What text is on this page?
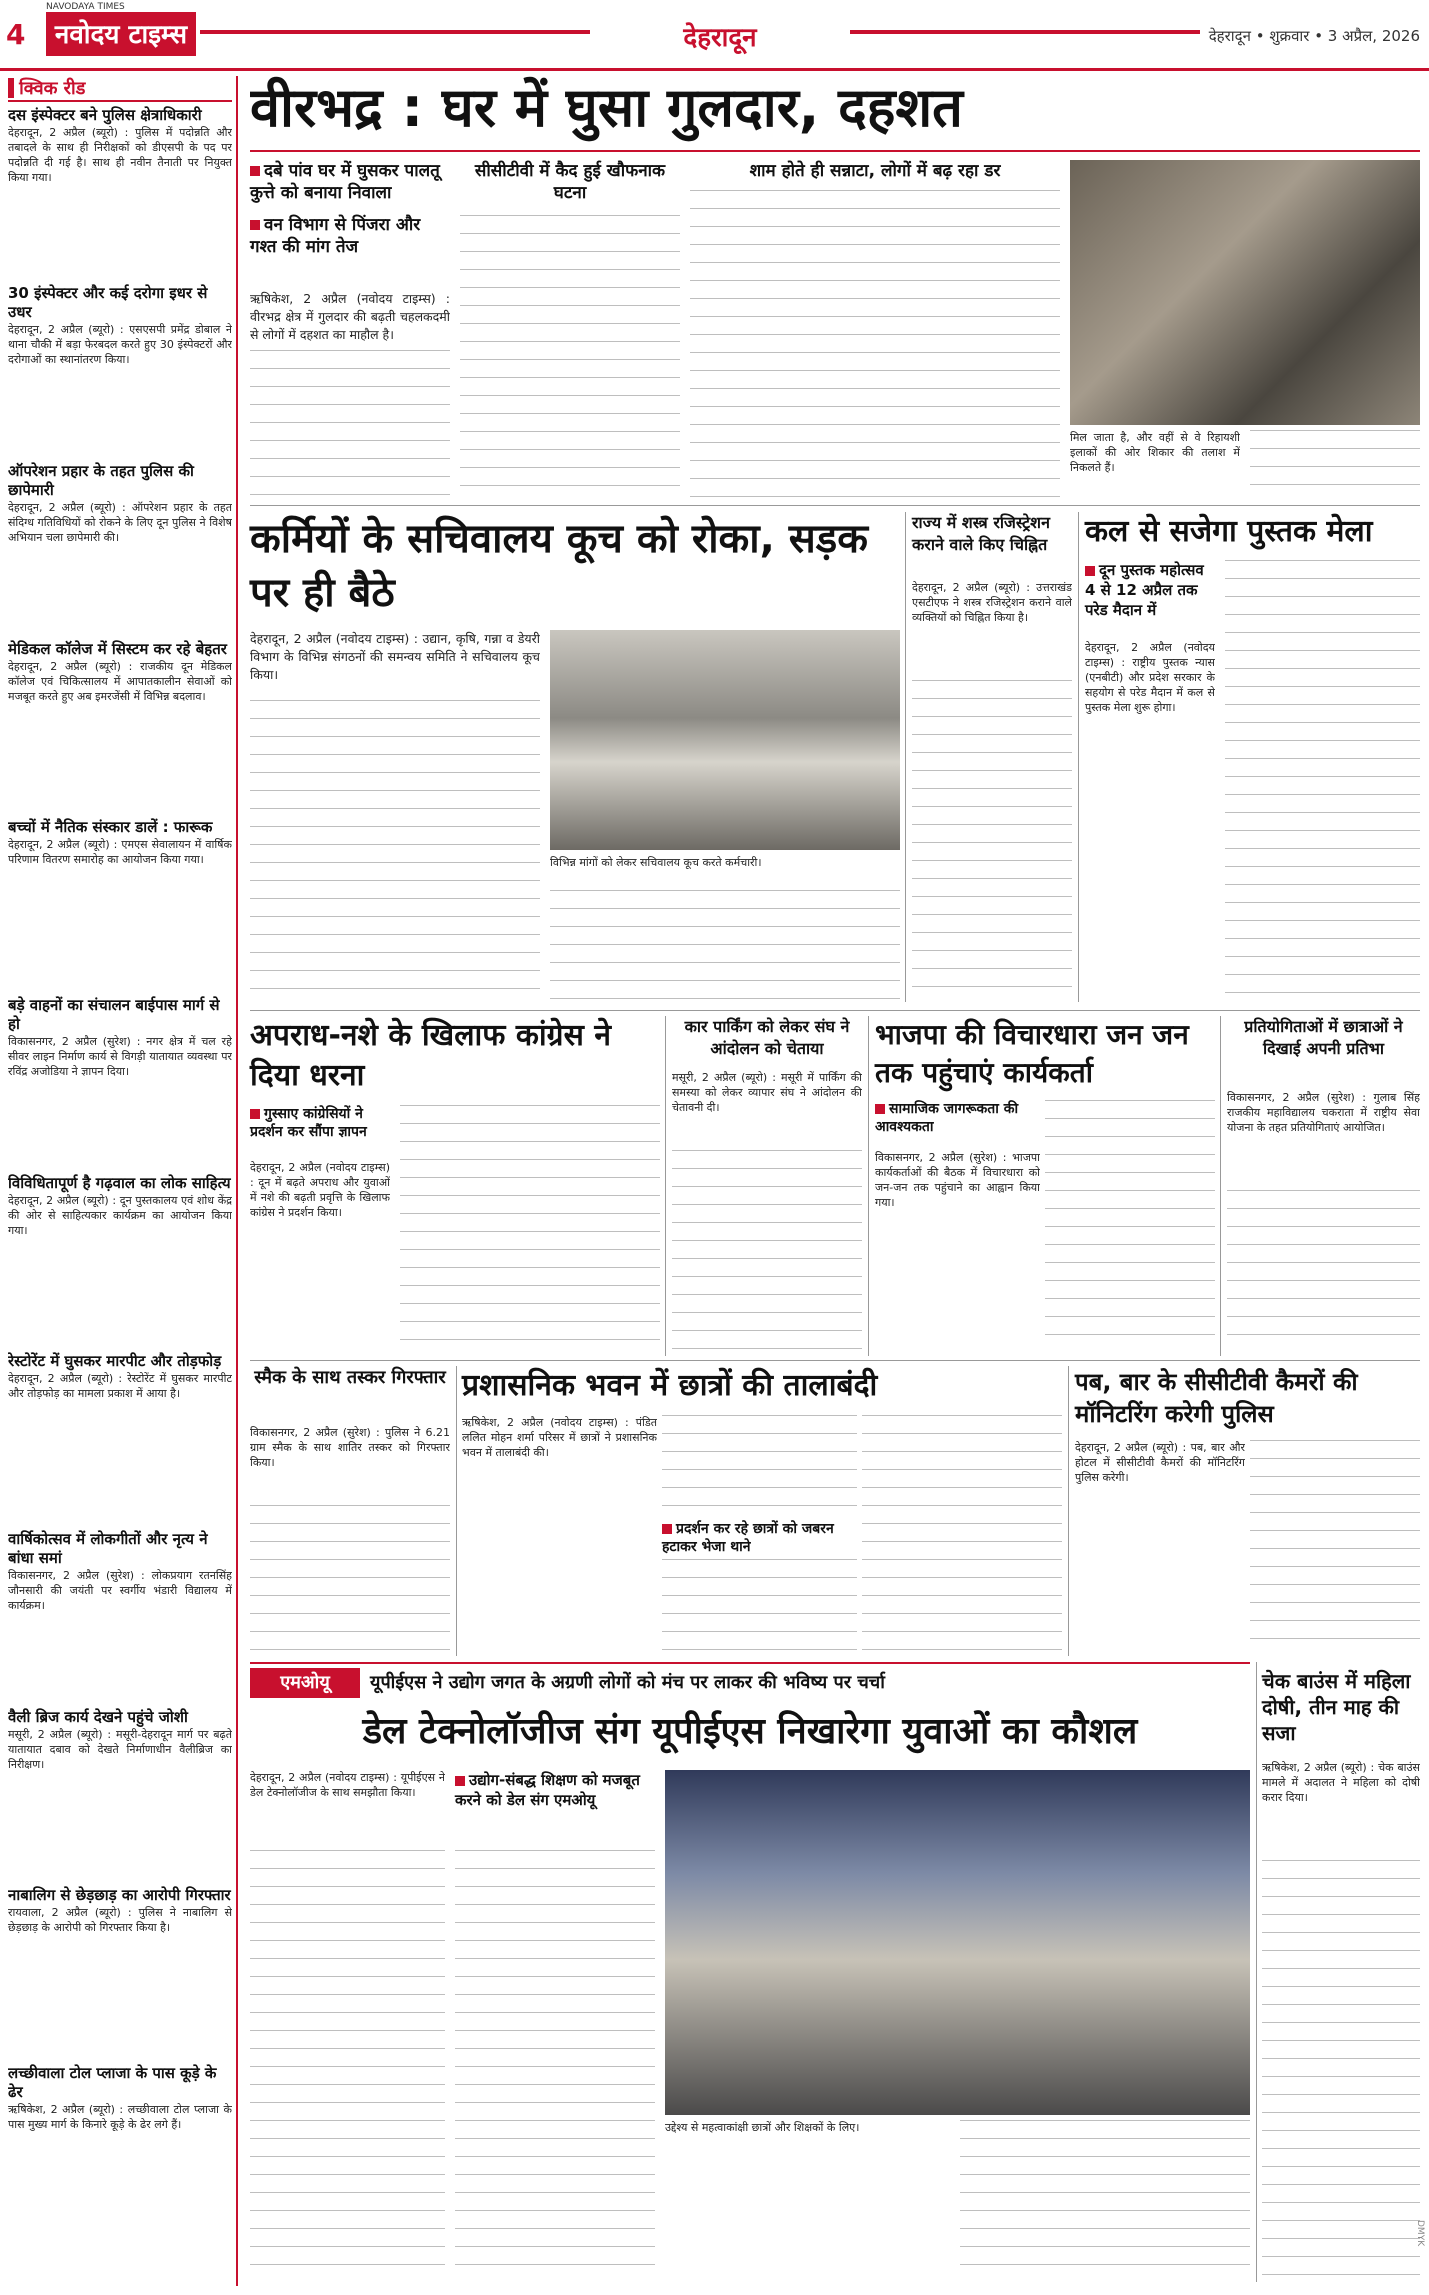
4
NAVODAYA TIMES
नवोदय टाइम्स	देहरादून	देहरादून • शुक्रवार • 3 अप्रैल, 2026
क्विक रीड
दस इंस्पेक्टर बने पुलिस क्षेत्राधिकारी
देहरादून, 2 अप्रैल (ब्यूरो) : पुलिस में पदोन्नति और तबादले के साथ ही निरीक्षकों को डीएसपी के पद पर पदोन्नति दी गई है। साथ ही नवीन तैनाती पर नियुक्त किया गया।
30 इंस्पेक्टर और कई दरोगा इधर से उधर
देहरादून, 2 अप्रैल (ब्यूरो) : एसएसपी प्रमेंद्र डोबाल ने थाना चौकी में बड़ा फेरबदल करते हुए 30 इंस्पेक्टरों और दरोगाओं का स्थानांतरण किया।
ऑपरेशन प्रहार के तहत पुलिस की छापेमारी
देहरादून, 2 अप्रैल (ब्यूरो) : ऑपरेशन प्रहार के तहत संदिग्ध गतिविधियों को रोकने के लिए दून पुलिस ने विशेष अभियान चला छापेमारी की।
मेडिकल कॉलेज में सिस्टम कर रहे बेहतर
देहरादून, 2 अप्रैल (ब्यूरो) : राजकीय दून मेडिकल कॉलेज एवं चिकित्सालय में आपातकालीन सेवाओं को मजबूत करते हुए अब इमरजेंसी में विभिन्न बदलाव।
बच्चों में नैतिक संस्कार डालें : फारूक
देहरादून, 2 अप्रैल (ब्यूरो) : एमएस सेवालायन में वार्षिक परिणाम वितरण समारोह का आयोजन किया गया।
बड़े वाहनों का संचालन बाईपास मार्ग से हो
विकासनगर, 2 अप्रैल (सुरेश) : नगर क्षेत्र में चल रहे सीवर लाइन निर्माण कार्य से विगड़ी यातायात व्यवस्था पर रविंद्र अजोडिया ने ज्ञापन दिया।
विविधितापूर्ण है गढ़वाल का लोक साहित्य
देहरादून, 2 अप्रैल (ब्यूरो) : दून पुस्तकालय एवं शोध केंद्र की ओर से साहित्यकार कार्यक्रम का आयोजन किया गया।
रेस्टोरेंट में घुसकर मारपीट और तोड़फोड़
देहरादून, 2 अप्रैल (ब्यूरो) : रेस्टोरेंट में घुसकर मारपीट और तोड़फोड़ का मामला प्रकाश में आया है।
वार्षिकोत्सव में लोकगीतों और नृत्य ने बांधा समां
विकासनगर, 2 अप्रैल (सुरेश) : लोकप्रयाग रतनसिंह जौनसारी की जयंती पर स्वर्गीय भंडारी विद्यालय में कार्यक्रम।
वैली ब्रिज कार्य देखने पहुंचे जोशी
मसूरी, 2 अप्रैल (ब्यूरो) : मसूरी-देहरादून मार्ग पर बढ़ते यातायात दबाव को देखते निर्माणाधीन वैलीब्रिज का निरीक्षण।
नाबालिग से छेड़छाड़ का आरोपी गिरफ्तार
रायवाला, 2 अप्रैल (ब्यूरो) : पुलिस ने नाबालिग से छेड़छाड़ के आरोपी को गिरफ्तार किया है।
लच्छीवाला टोल प्लाजा के पास कूड़े के ढेर
ऋषिकेश, 2 अप्रैल (ब्यूरो) : लच्छीवाला टोल प्लाजा के पास मुख्य मार्ग के किनारे कूड़े के ढेर लगे हैं।
वीरभद्र : घर में घुसा गुलदार, दहशत
दबे पांव घर में घुसकर पालतू कुत्ते को बनाया निवाला
वन विभाग से पिंजरा और गश्त की मांग तेज
ऋषिकेश, 2 अप्रैल (नवोदय टाइम्स) : वीरभद्र क्षेत्र में गुलदार की बढ़ती चहलकदमी से लोगों में दहशत का माहौल है।
सीसीटीवी में कैद हुई खौफनाक घटना
शाम होते ही सन्नाटा, लोगों में बढ़ रहा डर
मिल जाता है, और वहीं से वे रिहायशी इलाकों की ओर शिकार की तलाश में निकलते हैं।
कर्मियों के सचिवालय कूच को रोका, सड़क पर ही बैठे
देहरादून, 2 अप्रैल (नवोदय टाइम्स) : उद्यान, कृषि, गन्ना व डेयरी विभाग के विभिन्न संगठनों की समन्वय समिति ने सचिवालय कूच किया।
विभिन्न मांगों को लेकर सचिवालय कूच करते कर्मचारी।
राज्य में शस्त्र रजिस्ट्रेशन कराने वाले किए चिह्नित
देहरादून, 2 अप्रैल (ब्यूरो) : उत्तराखंड एसटीएफ ने शस्त्र रजिस्ट्रेशन कराने वाले व्यक्तियों को चिह्नित किया है।
कल से सजेगा पुस्तक मेला
दून पुस्तक महोत्सव 4 से 12 अप्रैल तक परेड मैदान में
देहरादून, 2 अप्रैल (नवोदय टाइम्स) : राष्ट्रीय पुस्तक न्यास (एनबीटी) और प्रदेश सरकार के सहयोग से परेड मैदान में कल से पुस्तक मेला शुरू होगा।
अपराध-नशे के खिलाफ कांग्रेस ने दिया धरना
गुस्साए कांग्रेसियों ने प्रदर्शन कर सौंपा ज्ञापन
देहरादून, 2 अप्रैल (नवोदय टाइम्स) : दून में बढ़ते अपराध और युवाओं में नशे की बढ़ती प्रवृत्ति के खिलाफ कांग्रेस ने प्रदर्शन किया।
कार पार्किंग को लेकर संघ ने आंदोलन को चेताया
मसूरी, 2 अप्रैल (ब्यूरो) : मसूरी में पार्किंग की समस्या को लेकर व्यापार संघ ने आंदोलन की चेतावनी दी।
भाजपा की विचारधारा जन जन तक पहुंचाएं कार्यकर्ता
सामाजिक जागरूकता की आवश्यकता
विकासनगर, 2 अप्रैल (सुरेश) : भाजपा कार्यकर्ताओं की बैठक में विचारधारा को जन-जन तक पहुंचाने का आह्वान किया गया।
प्रतियोगिताओं में छात्राओं ने दिखाई अपनी प्रतिभा
विकासनगर, 2 अप्रैल (सुरेश) : गुलाब सिंह राजकीय महाविद्यालय चकराता में राष्ट्रीय सेवा योजना के तहत प्रतियोगिताएं आयोजित।
स्मैक के साथ तस्कर गिरफ्तार
विकासनगर, 2 अप्रैल (सुरेश) : पुलिस ने 6.21 ग्राम स्मैक के साथ शातिर तस्कर को गिरफ्तार किया।
प्रशासनिक भवन में छात्रों की तालाबंदी
ऋषिकेश, 2 अप्रैल (नवोदय टाइम्स) : पंडित ललित मोहन शर्मा परिसर में छात्रों ने प्रशासनिक भवन में तालाबंदी की।
प्रदर्शन कर रहे छात्रों को जबरन हटाकर भेजा थाने
पब, बार के सीसीटीवी कैमरों की मॉनिटरिंग करेगी पुलिस
देहरादून, 2 अप्रैल (ब्यूरो) : पब, बार और होटल में सीसीटीवी कैमरों की मॉनिटरिंग पुलिस करेगी।
एमओयू	यूपीईएस ने उद्योग जगत के अग्रणी लोगों को मंच पर लाकर की भविष्य पर चर्चा
डेल टेक्नोलॉजीज संग यूपीईएस निखारेगा युवाओं का कौशल
देहरादून, 2 अप्रैल (नवोदय टाइम्स) : यूपीईएस ने डेल टेक्नोलॉजीज के साथ समझौता किया।
उद्योग-संबद्ध शिक्षण को मजबूत करने को डेल संग एमओयू
उद्देश्य से महत्वाकांक्षी छात्रों और शिक्षकों के लिए।
चेक बाउंस में महिला दोषी, तीन माह की सजा
ऋषिकेश, 2 अप्रैल (ब्यूरो) : चेक बाउंस मामले में अदालत ने महिला को दोषी करार दिया।
DMYK
